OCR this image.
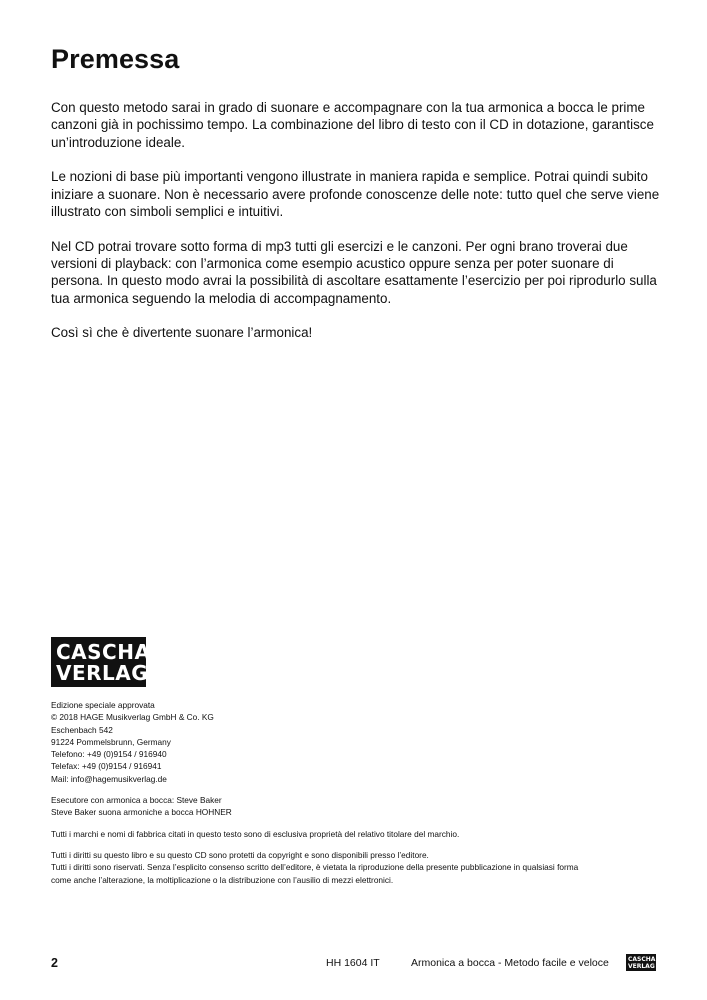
Premessa

Con questo metodo sarai in grado di suonare e accompagnare con la tua armonica a bocca le prime canzoni già in pochissimo tempo. La combinazione del libro di testo con il CD in dotazione, garantisce un’introduzione ideale.

Le nozioni di base più importanti vengono illustrate in maniera rapida e semplice. Potrai quindi subito iniziare a suonare. Non è necessario avere profonde conoscenze delle note: tutto quel che serve viene illustrato con simboli semplici e intuitivi.

Nel CD potrai trovare sotto forma di mp3 tutti gli esercizi e le canzoni. Per ogni brano troverai due versioni di playback: con l’armonica come esempio acustico oppure senza per poter suonare di persona. In questo modo avrai la possibilità di ascoltare esattamente l’esercizio per poi riprodurlo sulla tua armonica seguendo la melodia di accompagnamento.

Così sì che è divertente suonare l’armonica!

CASCHA
VERLAG
Edizione speciale approvata
© 2018 HAGE Musikverlag GmbH & Co. KG
Eschenbach 542
91224 Pommelsbrunn, Germany
Telefono: +49 (0)9154 / 916940
Telefax: +49 (0)9154 / 916941
Mail: info@hagemusikverlag.de
Esecutore con armonica a bocca: Steve Baker
Steve Baker suona armoniche a bocca HOHNER
Tutti i marchi e nomi di fabbrica citati in questo testo sono di esclusiva proprietà del relativo titolare del marchio.
Tutti i diritti su questo libro e su questo CD sono protetti da copyright e sono disponibili presso l’editore.
Tutti i diritti sono riservati. Senza l’esplicito consenso scritto dell’editore, è vietata la riproduzione della presente pubblicazione in qualsiasi forma
come anche l’alterazione, la moltiplicazione o la distribuzione con l’ausilio di mezzi elettronici.
2	HH 1604 IT	Armonica a bocca - Metodo facile e veloce	CASCHA
VERLAG
